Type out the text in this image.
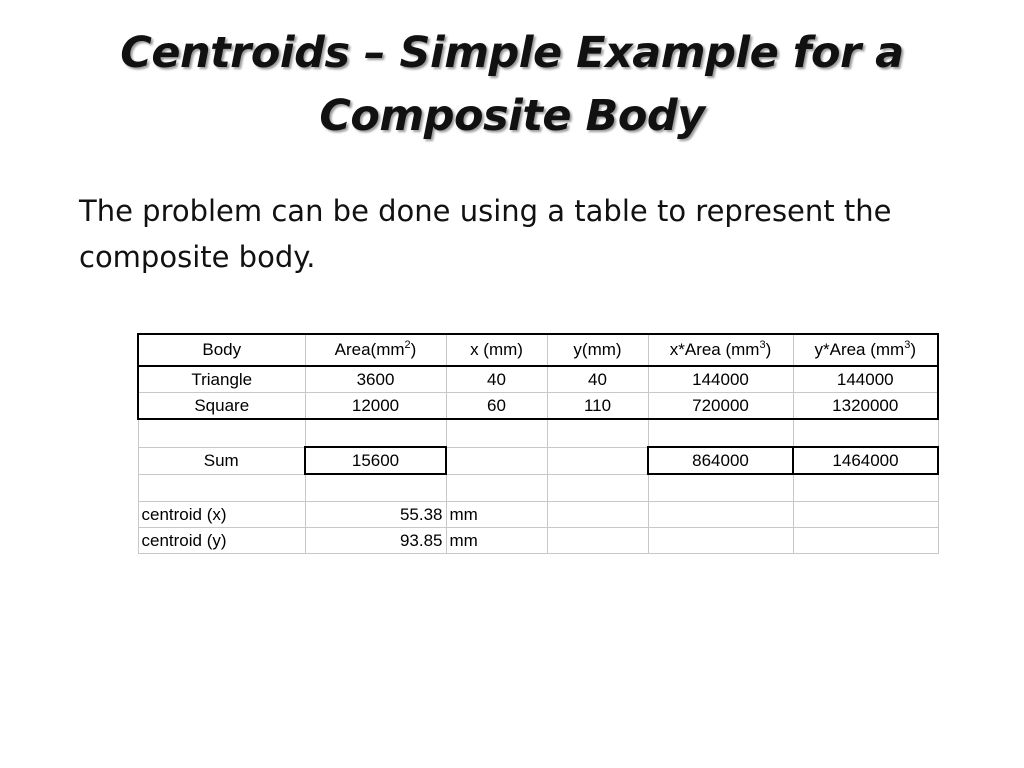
Centroids – Simple Example for a
Composite Body
The problem can be done using a table to represent the
composite body.
Body	$Area(mm^2)$	x (mm)	y(mm)	x*Area $(mm^3)$	y*Area $(mm^3)$
Triangle	3600	40	40	144000	144000
Square	12000	60	110	720000	1320000

Sum	15600			864000	1464000

centroid (x)	55.38	mm			
centroid (y)	93.85	mm			
